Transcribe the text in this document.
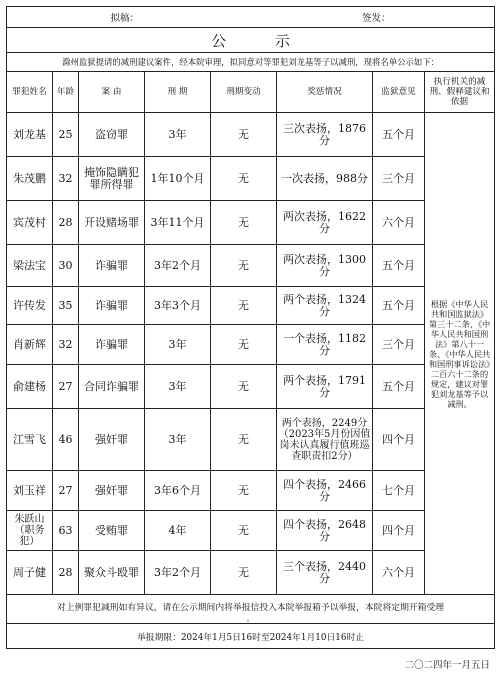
拟稿： 签发：							
公 示							
滁州监狱提请的减刑建议案件，经本院审理，拟同意对等罪犯刘龙基等子以减刑，现将名单公示如下：							
罪犯姓名	年龄	案 由	刑 期	刑期变动	奖惩情况	监狱意见	执行机关的减刑、假释建议和依据
刘龙基	25	盗窃罪	3年	无	三次表扬，1876分	五个月	根据《中华人民共和国监狱法》第三十二条、《中华人民共和国刑法》第八十一条、《中华人民共和国刑事诉讼法》二百六十二条的规定，建议对罪犯刘龙基等予以减刑。
朱茂鹏	32	掩饰隐瞒犯罪所得罪	1年10个月	无	一次表扬，988分	三个月	
宾茂村	28	开设赌场罪	3年11个月	无	两次表扬，1622分	六个月	
梁法宝	30	诈骗罪	3年2个月	无	两次表扬，1300分	五个月	
许传发	35	诈骗罪	3年3个月	无	两个表扬，1324分	五个月	
肖新辉	32	诈骗罪	3年	无	一个表扬，1182分	三个月	
俞建杨	27	合同诈骗罪	3年	无	两个表扬，1791分	五个月	
江雪飞	46	强奸罪	3年	无	两个表扬，2249分（2023年5月份因值岗未认真履行值班巡查职责扣2分）	四个月	
刘玉祥	27	强奸罪	3年6个月	无	四个表扬，2466分	七个月	
朱跃山（职务犯）	63	受贿罪	4年	无	四个表扬，2648分	四个月	
周子健	28	聚众斗殴罪	3年2个月	无	三个表扬，2440分	六个月	

对上例罪犯减刑如有异议，请在公示期间内将举报信投入本院举报箱予以举报，本院将定期开箱受理
。							

举报期限：2024年1月5日16时至2024年1月10日16时止							
二〇二四年一月五日
